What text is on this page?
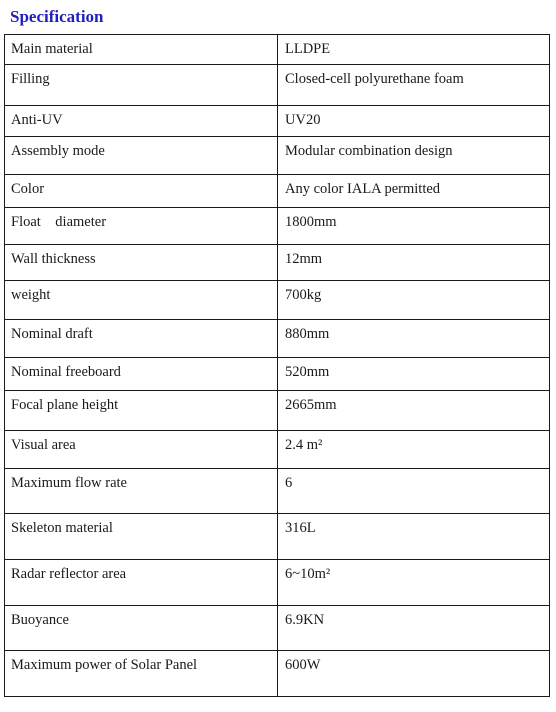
Specification
Main material	LLDPE
Filling	Closed-cell polyurethane foam
Anti-UV	UV20
Assembly mode	Modular combination design
Color	Any color IALA permitted
Float    diameter	1800mm
Wall thickness	12mm
weight	700kg
Nominal draft	880mm
Nominal freeboard	520mm
Focal plane height	2665mm
Visual area	2.4 m²
Maximum flow rate	6
Skeleton material	316L
Radar reflector area	6~10m²
Buoyance	6.9KN
Maximum power of Solar Panel	600W
